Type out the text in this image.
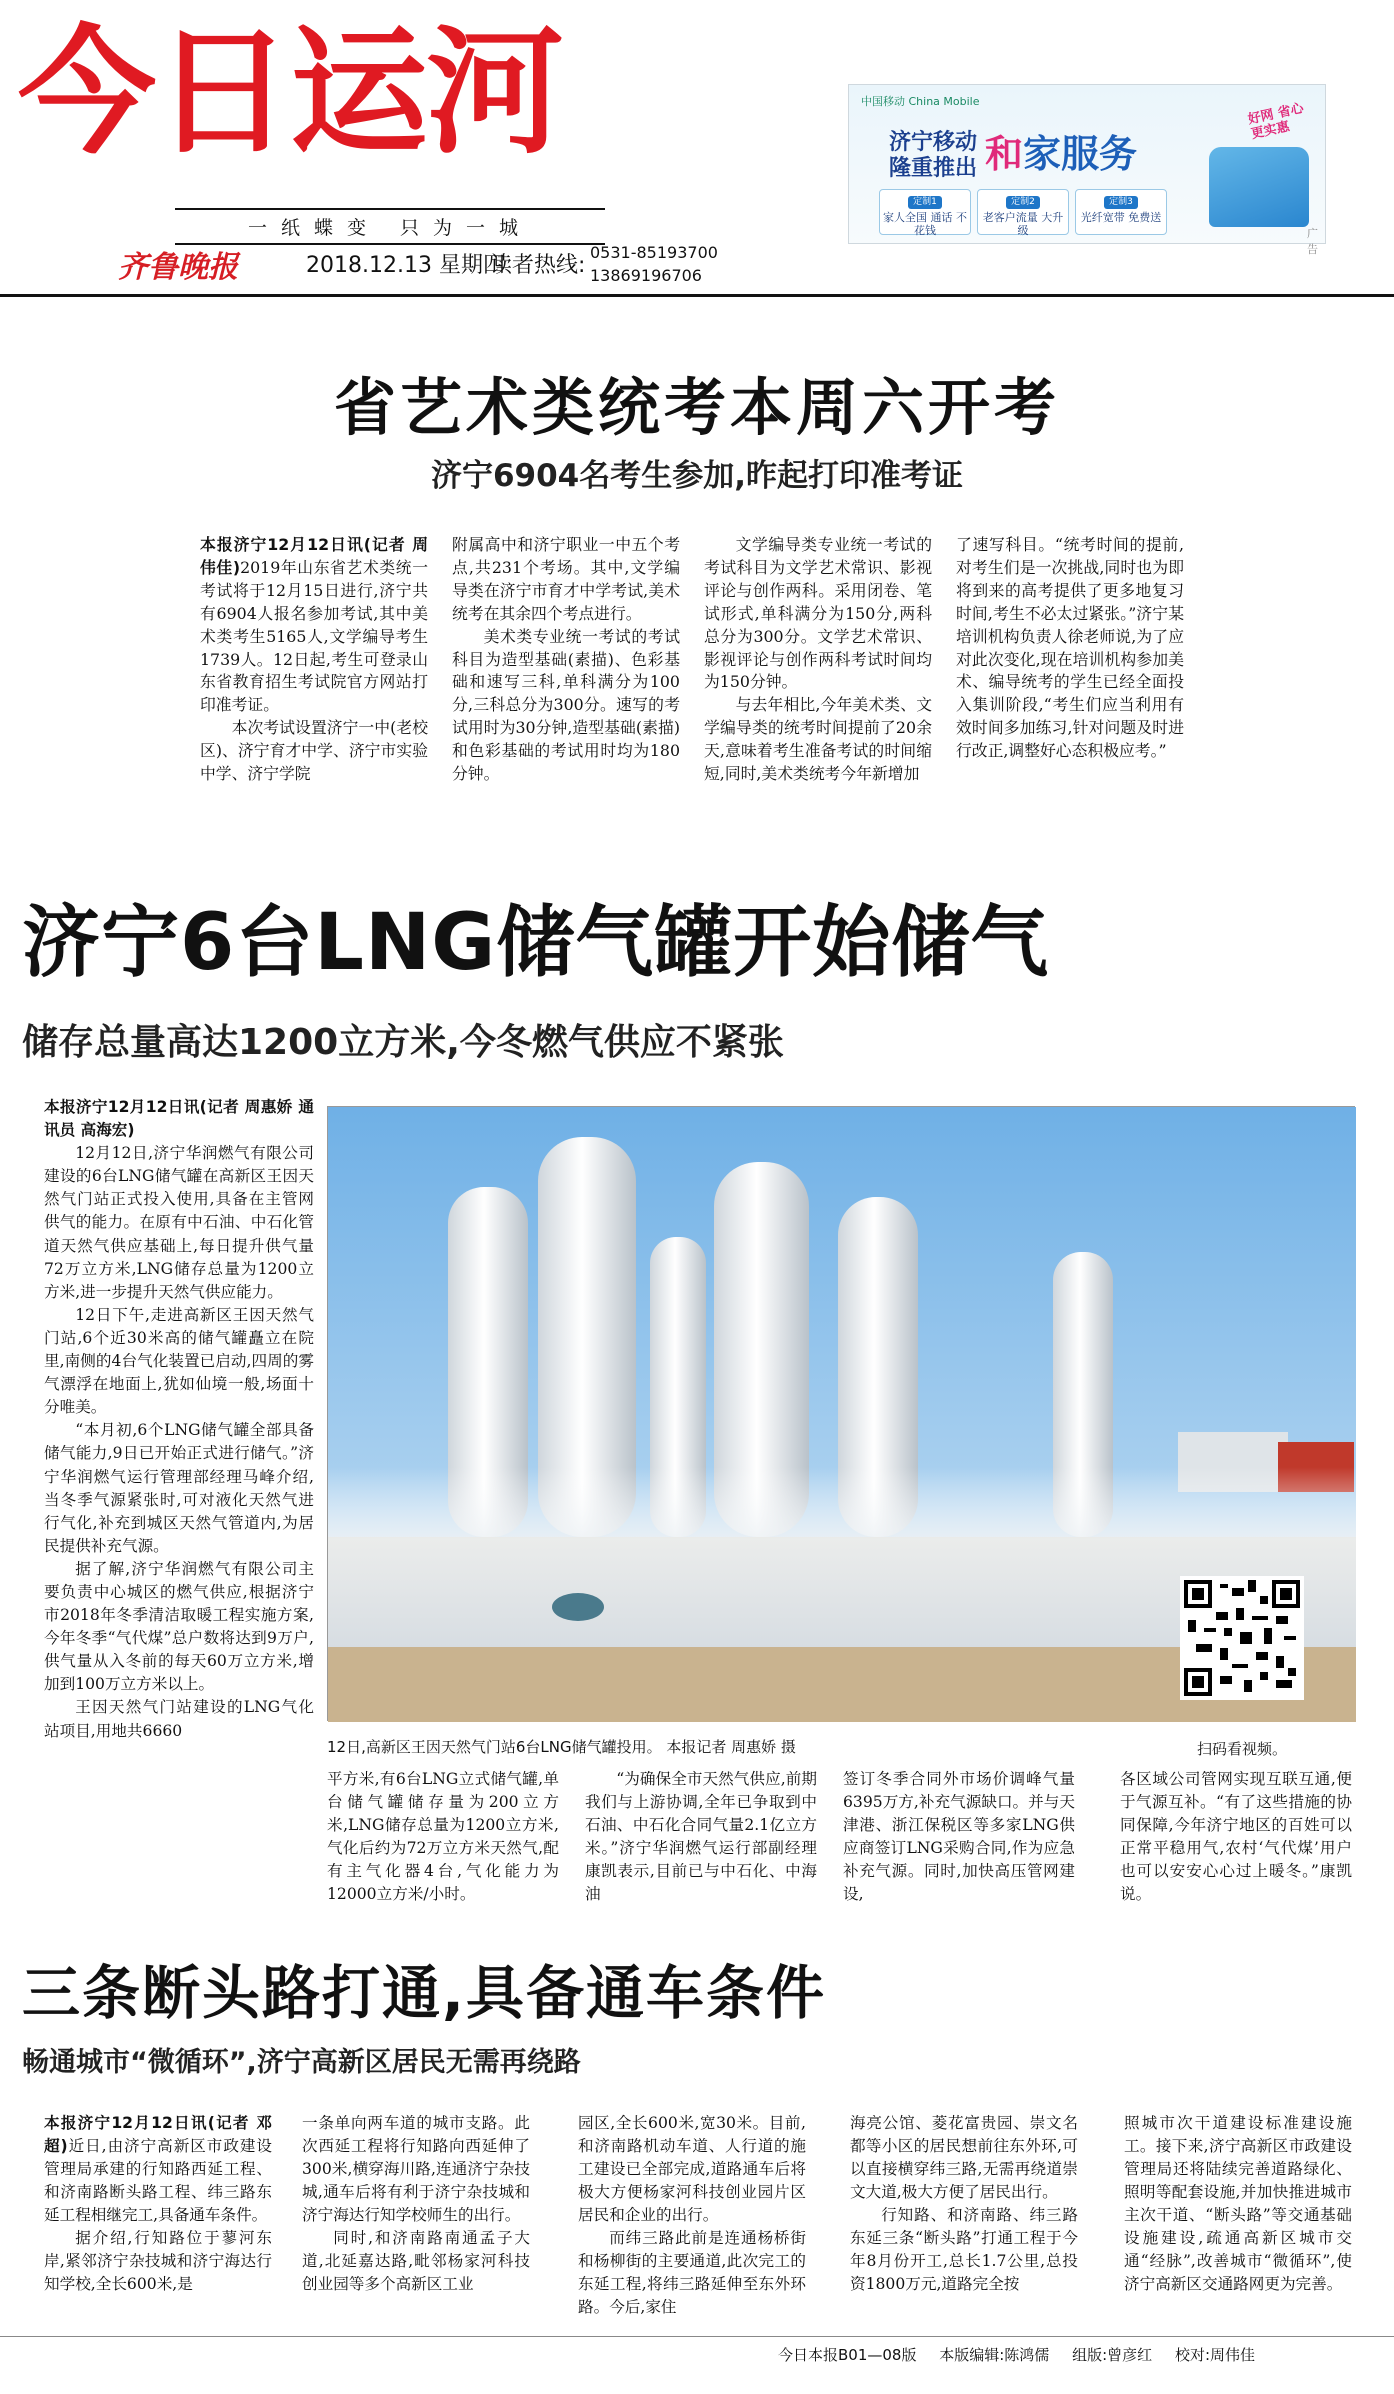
今日运河
一纸蝶变 只为一城
齐鲁晚报	2018.12.13 星期四
读者热线:
0531-85193700
13869196706
中国移动 China Mobile
济宁移动
隆重推出 和家服务
好网 省心 更实惠
定制1
家人全国 通话 不花钱
定制2
老客户流量 大升级
定制3
光纤宽带 免费送
广告
省艺术类统考本周六开考
济宁6904名考生参加,昨起打印准考证

本报济宁12月12日讯(记者 周伟佳)2019年山东省艺术类统一考试将于12月15日进行,济宁共有6904人报名参加考试,其中美术类考生5165人,文学编导考生1739人。12日起,考生可登录山东省教育招生考试院官方网站打印准考证。

本次考试设置济宁一中(老校区)、济宁育才中学、济宁市实验中学、济宁学院

附属高中和济宁职业一中五个考点,共231个考场。其中,文学编导类在济宁市育才中学考试,美术统考在其余四个考点进行。

美术类专业统一考试的考试科目为造型基础(素描)、色彩基础和速写三科,单科满分为100分,三科总分为300分。速写的考试用时为30分钟,造型基础(素描)和色彩基础的考试用时均为180分钟。

文学编导类专业统一考试的考试科目为文学艺术常识、影视评论与创作两科。采用闭卷、笔试形式,单科满分为150分,两科总分为300分。文学艺术常识、影视评论与创作两科考试时间均为150分钟。

与去年相比,今年美术类、文学编导类的统考时间提前了20余天,意味着考生准备考试的时间缩短,同时,美术类统考今年新增加

了速写科目。“统考时间的提前,对考生们是一次挑战,同时也为即将到来的高考提供了更多地复习时间,考生不必太过紧张。”济宁某培训机构负责人徐老师说,为了应对此次变化,现在培训机构参加美术、编导统考的学生已经全面投入集训阶段,“考生们应当利用有效时间多加练习,针对问题及时进行改正,调整好心态积极应考。”

济宁6台LNG储气罐开始储气
储存总量高达1200立方米,今冬燃气供应不紧张

本报济宁12月12日讯(记者 周惠娇 通讯员 高海宏)

12月12日,济宁华润燃气有限公司建设的6台LNG储气罐在高新区王因天然气门站正式投入使用,具备在主管网供气的能力。在原有中石油、中石化管道天然气供应基础上,每日提升供气量72万立方米,LNG储存总量为1200立方米,进一步提升天然气供应能力。

12日下午,走进高新区王因天然气门站,6个近30米高的储气罐矗立在院里,南侧的4台气化装置已启动,四周的雾气漂浮在地面上,犹如仙境一般,场面十分唯美。

“本月初,6个LNG储气罐全部具备储气能力,9日已开始正式进行储气。”济宁华润燃气运行管理部经理马峰介绍,当冬季气源紧张时,可对液化天然气进行气化,补充到城区天然气管道内,为居民提供补充气源。

据了解,济宁华润燃气有限公司主要负责中心城区的燃气供应,根据济宁市2018年冬季清洁取暖工程实施方案,今年冬季“气代煤”总户数将达到9万户,供气量从入冬前的每天60万立方米,增加到100万立方米以上。

王因天然气门站建设的LNG气化站项目,用地共6660

12日,高新区王因天然气门站6台LNG储气罐投用。 本报记者 周惠娇 摄	扫码看视频。

平方米,有6台LNG立式储气罐,单台储气罐储存量为200立方米,LNG储存总量为1200立方米,气化后约为72万立方米天然气,配有主气化器4台,气化能力为12000立方米/小时。

“为确保全市天然气供应,前期我们与上游协调,全年已争取到中石油、中石化合同气量2.1亿立方米。”济宁华润燃气运行部副经理康凯表示,目前已与中石化、中海油

签订冬季合同外市场价调峰气量6395万方,补充气源缺口。并与天津港、浙江保税区等多家LNG供应商签订LNG采购合同,作为应急补充气源。同时,加快高压管网建设,

各区域公司管网实现互联互通,便于气源互补。“有了这些措施的协同保障,今年济宁地区的百姓可以正常平稳用气,农村‘气代煤’用户也可以安安心心过上暖冬。”康凯说。

三条断头路打通,具备通车条件
畅通城市“微循环”,济宁高新区居民无需再绕路

本报济宁12月12日讯(记者 邓超)近日,由济宁高新区市政建设管理局承建的行知路西延工程、和济南路断头路工程、纬三路东延工程相继完工,具备通车条件。

据介绍,行知路位于蓼河东岸,紧邻济宁杂技城和济宁海达行知学校,全长600米,是

一条单向两车道的城市支路。此次西延工程将行知路向西延伸了300米,横穿海川路,连通济宁杂技城,通车后将有利于济宁杂技城和济宁海达行知学校师生的出行。

同时,和济南路南通孟子大道,北延嘉达路,毗邻杨家河科技创业园等多个高新区工业

园区,全长600米,宽30米。目前,和济南路机动车道、人行道的施工建设已全部完成,道路通车后将极大方便杨家河科技创业园片区居民和企业的出行。

而纬三路此前是连通杨桥街和杨柳街的主要通道,此次完工的东延工程,将纬三路延伸至东外环路。今后,家住

海亮公馆、菱花富贵园、崇文名都等小区的居民想前往东外环,可以直接横穿纬三路,无需再绕道崇文大道,极大方便了居民出行。

行知路、和济南路、纬三路东延三条“断头路”打通工程于今年8月份开工,总长1.7公里,总投资1800万元,道路完全按

照城市次干道建设标准建设施工。接下来,济宁高新区市政建设管理局还将陆续完善道路绿化、照明等配套设施,并加快推进城市主次干道、“断头路”等交通基础设施建设,疏通高新区城市交通“经脉”,改善城市“微循环”,使济宁高新区交通路网更为完善。

今日本报B01—08版 本版编辑:陈鸿儒 组版:曾彦红 校对:周伟佳
